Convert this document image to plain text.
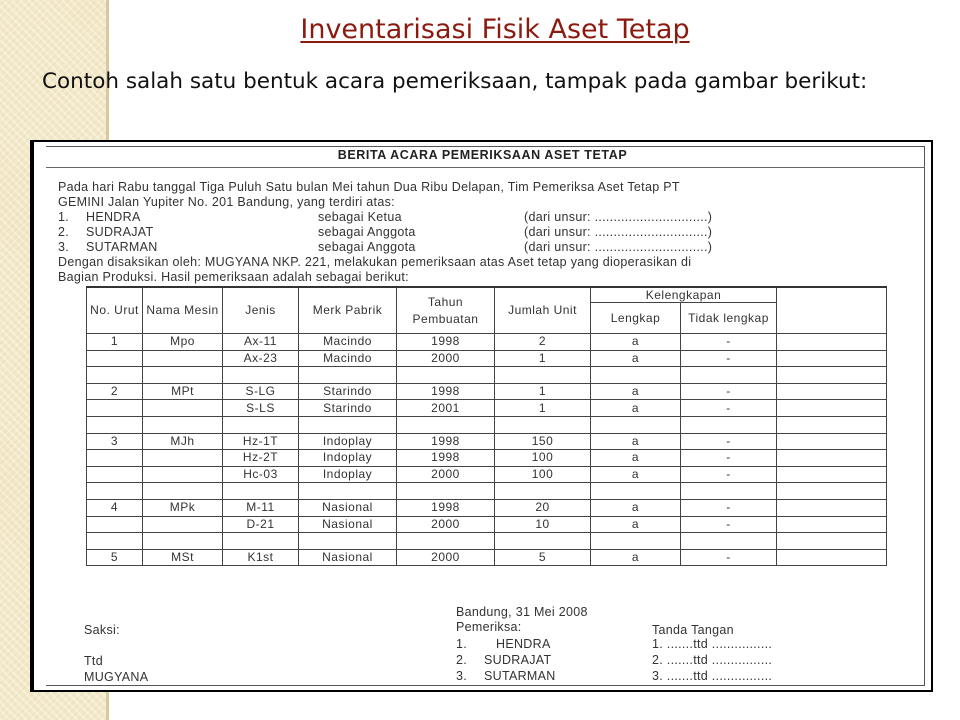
Inventarisasi Fisik Aset Tetap

Contoh salah satu bentuk acara pemeriksaan, tampak pada gambar berikut:

BERITA ACARA PEMERIKSAAN ASET TETAP
Pada hari Rabu tanggal Tiga Puluh Satu bulan Mei tahun Dua Ribu Delapan, Tim Pemeriksa Aset Tetap PT
GEMINI Jalan Yupiter No. 201 Bandung, yang terdiri atas:
1. HENDRA	sebagai Ketua	(dari unsur: ..............................)
2. SUDRAJAT	sebagai Anggota	(dari unsur: ..............................)
3. SUTARMAN	sebagai Anggota	(dari unsur: ..............................)
Dengan disaksikan oleh: MUGYANA NKP. 221, melakukan pemeriksaan atas Aset tetap yang dioperasikan di
Bagian Produksi. Hasil pemeriksaan adalah sebagai berikut:
No. Urut	Nama Mesin	Jenis	Merk Pabrik	Tahun Pembuatan	Jumlah Unit	Kelengkapan		
						Lengkap	Tidak lengkap	
1	Mpo	Ax-11	Macindo	1998	2	a	-	
		Ax-23	Macindo	2000	1	a	-	

2	MPt	S-LG	Starindo	1998	1	a	-	
		S-LS	Starindo	2001	1	a	-	

3	MJh	Hz-1T	Indoplay	1998	150	a	-	
		Hz-2T	Indoplay	1998	100	a	-	
		Hc-03	Indoplay	2000	100	a	-	

4	MPk	M-11	Nasional	1998	20	a	-	
		D-21	Nasional	2000	10	a	-	

5	MSt	K1st	Nasional	2000	5	a	-	
Bandung, 31 Mei 2008
Saksi:	Pemeriksa:	Tanda Tangan
1. HENDRA	1. .......ttd ................
Ttd	2. SUDRAJAT	2. .......ttd ................
MUGYANA	3. SUTARMAN	3. .......ttd ................
